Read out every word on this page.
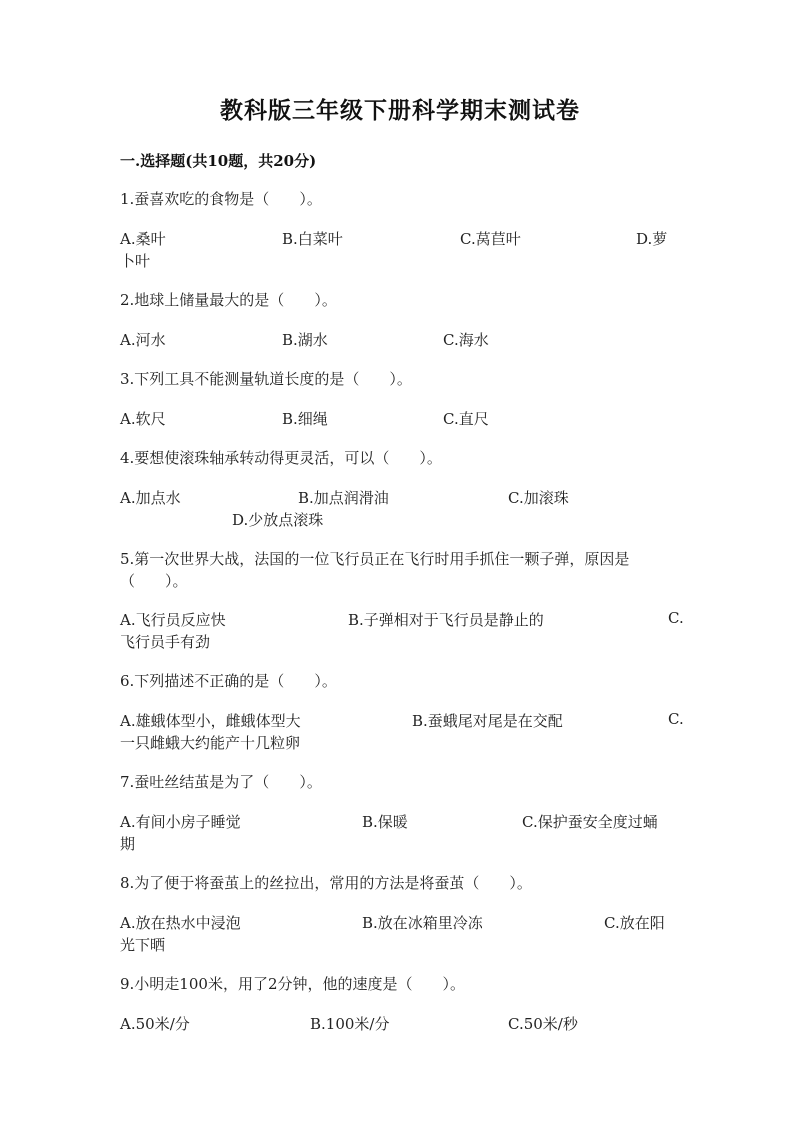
教科版三年级下册科学期末测试卷
一.选择题(共10题，共20分)
1.蚕喜欢吃的食物是（　　）。
A.桑叶	B.白菜叶	C.莴苣叶	D.萝
卜叶
2.地球上储量最大的是（　　）。
A.河水	B.湖水	C.海水
3.下列工具不能测量轨道长度的是（　　）。
A.软尺	B.细绳	C.直尺
4.要想使滚珠轴承转动得更灵活，可以（　　）。
A.加点水	B.加点润滑油	C.加滚珠
D.少放点滚珠
5.第一次世界大战，法国的一位飞行员正在飞行时用手抓住一颗子弹，原因是
（　　）。
A.飞行员反应快	B.子弹相对于飞行员是静止的	C.
飞行员手有劲
6.下列描述不正确的是（　　）。
A.雄蛾体型小，雌蛾体型大	B.蚕蛾尾对尾是在交配	C.
一只雌蛾大约能产十几粒卵
7.蚕吐丝结茧是为了（　　）。
A.有间小房子睡觉	B.保暖	C.保护蚕安全度过蛹
期
8.为了便于将蚕茧上的丝拉出，常用的方法是将蚕茧（　　）。
A.放在热水中浸泡	B.放在冰箱里冷冻	C.放在阳
光下晒
9.小明走100米，用了2分钟，他的速度是（　　）。
A.50米/分	B.100米/分	C.50米/秒
